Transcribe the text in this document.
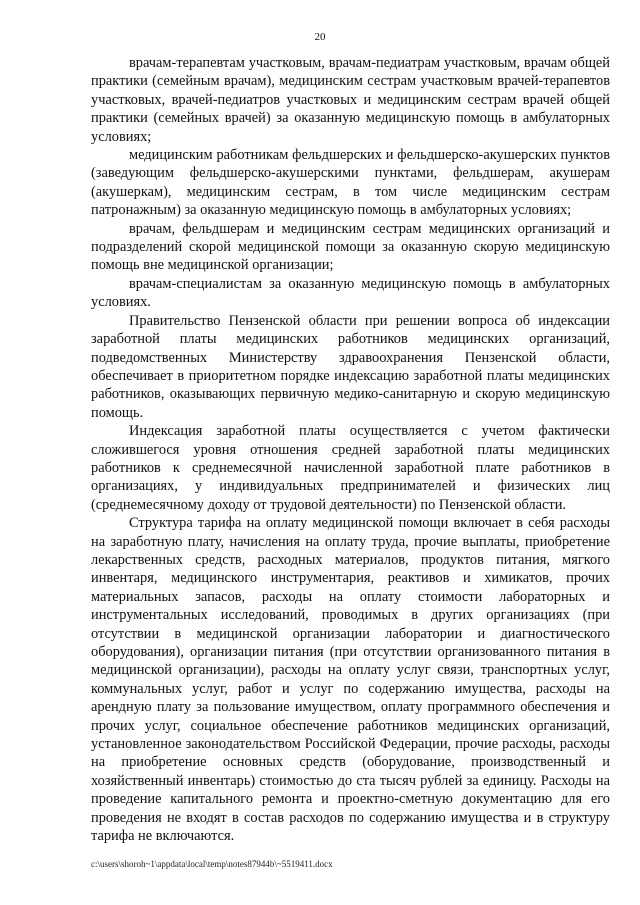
20

врачам-терапевтам участковым, врачам-педиатрам участковым, врачам общей практики (семейным врачам), медицинским сестрам участковым врачей-терапевтов участковых, врачей-педиатров участковых и медицинским сестрам врачей общей практики (семейных врачей) за оказанную медицинскую помощь в амбулаторных условиях;

медицинским работникам фельдшерских и фельдшерско-акушерских пунктов (заведующим фельдшерско-акушерскими пунктами, фельдшерам, акушерам (акушеркам), медицинским сестрам, в том числе медицинским сестрам патронажным) за оказанную медицинскую помощь в амбулаторных условиях;

врачам, фельдшерам и медицинским сестрам медицинских организаций и подразделений скорой медицинской помощи за оказанную скорую медицинскую помощь вне медицинской организации;

врачам-специалистам за оказанную медицинскую помощь в амбулаторных условиях.

Правительство Пензенской области при решении вопроса об индексации заработной платы медицинских работников медицинских организаций, подведомственных Министерству здравоохранения Пензенской области, обеспечивает в приоритетном порядке индексацию заработной платы медицинских работников, оказывающих первичную медико-санитарную и скорую медицинскую помощь.

Индексация заработной платы осуществляется с учетом фактически сложившегося уровня отношения средней заработной платы медицинских работников к среднемесячной начисленной заработной плате работников в организациях, у индивидуальных предпринимателей и физических лиц (среднемесячному доходу от трудовой деятельности) по Пензенской области.

Структура тарифа на оплату медицинской помощи включает в себя расходы на заработную плату, начисления на оплату труда, прочие выплаты, приобретение лекарственных средств, расходных материалов, продуктов питания, мягкого инвентаря, медицинского инструментария, реактивов и химикатов, прочих материальных запасов, расходы на оплату стоимости лабораторных и инструментальных исследований, проводимых в других организациях (при отсутствии в медицинской организации лаборатории и диагностического оборудования), организации питания (при отсутствии организованного питания в медицинской организации), расходы на оплату услуг связи, транспортных услуг, коммунальных услуг, работ и услуг по содержанию имущества, расходы на арендную плату за пользование имуществом, оплату программного обеспечения и прочих услуг, социальное обеспечение работников медицинских организаций, установленное законодательством Российской Федерации, прочие расходы, расходы на приобретение основных средств (оборудование, производственный и хозяйственный инвентарь) стоимостью до ста тысяч рублей за единицу. Расходы на проведение капитального ремонта и проектно-сметную документацию для его проведения не входят в состав расходов по содержанию имущества и в структуру тарифа не включаются.

c:\users\shoroh~1\appdata\local\temp\notes87944b\~5519411.docx
